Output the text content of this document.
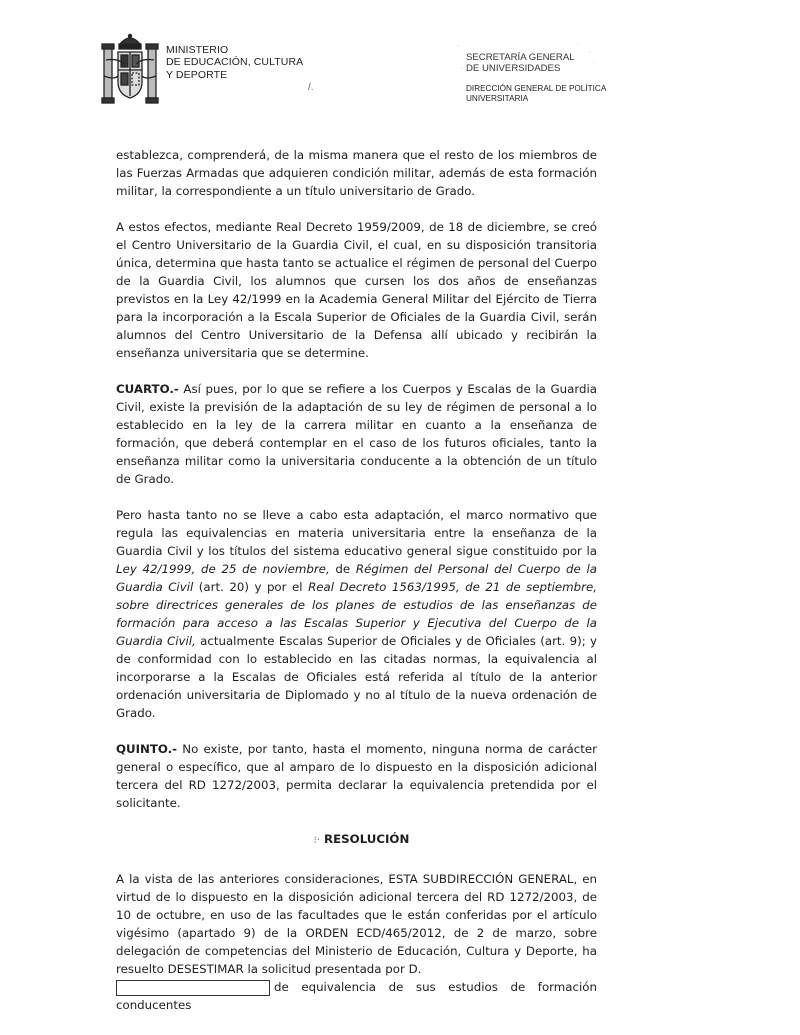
MINISTERIO
DE EDUCACIÓN, CULTURA
Y DEPORTE
/.
SECRETARÍA GENERAL
DE UNIVERSIDADES
DIRECCIÓN GENERAL DE POLÍTICA
UNIVERSITARIA

establezca, comprenderá, de la misma manera que el resto de los miembros de las Fuerzas Armadas que adquieren condición militar, además de esta formación militar, la correspondiente a un título universitario de Grado.

A estos efectos, mediante Real Decreto 1959/2009, de 18 de diciembre, se creó el Centro Universitario de la Guardia Civil, el cual, en su disposición transitoria única, determina que hasta tanto se actualice el régimen de personal del Cuerpo de la Guardia Civil, los alumnos que cursen los dos años de enseñanzas previstos en la Ley 42/1999 en la Academia General Militar del Ejército de Tierra para la incorporación a la Escala Superior de Oficiales de la Guardia Civil, serán alumnos del Centro Universitario de la Defensa allí ubicado y recibirán la enseñanza universitaria que se determine.

CUARTO.- Así pues, por lo que se refiere a los Cuerpos y Escalas de la Guardia Civil, existe la previsión de la adaptación de su ley de régimen de personal a lo establecido en la ley de la carrera militar en cuanto a la enseñanza de formación, que deberá contemplar en el caso de los futuros oficiales, tanto la enseñanza militar como la universitaria conducente a la obtención de un título de Grado.

Pero hasta tanto no se lleve a cabo esta adaptación, el marco normativo que regula las equivalencias en materia universitaria entre la enseñanza de la Guardia Civil y los títulos del sistema educativo general sigue constituido por la Ley 42/1999, de 25 de noviembre, de Régimen del Personal del Cuerpo de la Guardia Civil (art. 20) y por el Real Decreto 1563/1995, de 21 de septiembre, sobre directrices generales de los planes de estudios de las enseñanzas de formación para acceso a las Escalas Superior y Ejecutiva del Cuerpo de la Guardia Civil, actualmente Escalas Superior de Oficiales y de Oficiales (art. 9); y de conformidad con lo establecido en las citadas normas, la equivalencia al incorporarse a la Escalas de Oficiales está referida al título de la anterior ordenación universitaria de Diplomado y no al título de la nueva ordenación de Grado.

QUINTO.- No existe, por tanto, hasta el momento, ninguna norma de carácter general o específico, que al amparo de lo dispuesto en la disposición adicional tercera del RD 1272/2003, permita declarar la equivalencia pretendida por el solicitante.

⁝· RESOLUCIÓN

A la vista de las anteriores consideraciones, ESTA SUBDIRECCIÓN GENERAL, en virtud de lo dispuesto en la disposición adicional tercera del RD 1272/2003, de 10 de octubre, en uso de las facultades que le están conferidas por el artículo vigésimo (apartado 9) de la ORDEN ECD/465/2012, de 2 de marzo, sobre delegación de competencias del Ministerio de Educación, Cultura y Deporte, ha resuelto DESESTIMAR la solicitud presentada por D.

de equivalencia de sus estudios de formación conducentes
